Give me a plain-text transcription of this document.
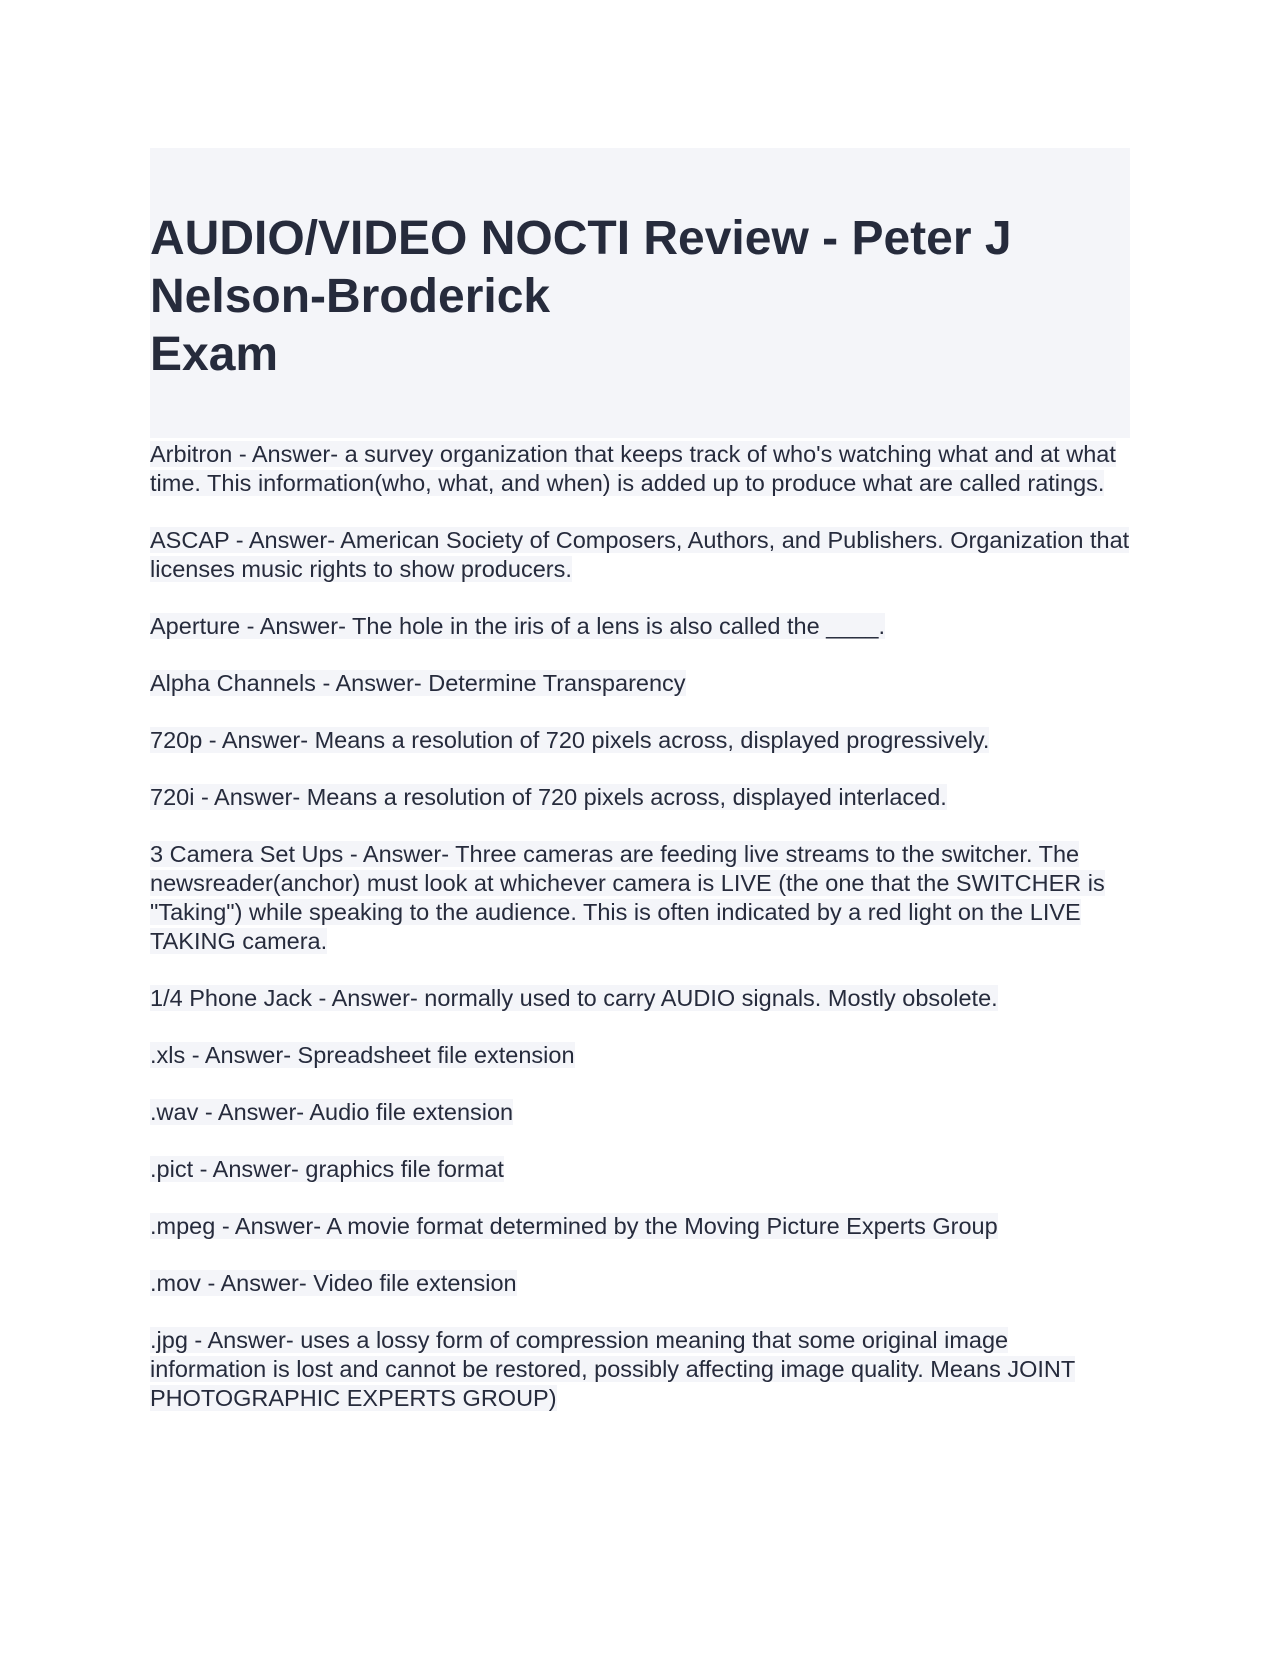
AUDIO/VIDEO NOCTI Review - Peter J
Nelson-Broderick
Exam

Arbitron - Answer- a survey organization that keeps track of who's watching what and at what time. This information(who, what, and when) is added up to produce what are called ratings.

ASCAP - Answer- American Society of Composers, Authors, and Publishers. Organization that licenses music rights to show producers.

Aperture - Answer- The hole in the iris of a lens is also called the ____.

Alpha Channels - Answer- Determine Transparency

720p - Answer- Means a resolution of 720 pixels across, displayed progressively.

720i - Answer- Means a resolution of 720 pixels across, displayed interlaced.

3 Camera Set Ups - Answer- Three cameras are feeding live streams to the switcher. The newsreader(anchor) must look at whichever camera is LIVE (the one that the SWITCHER is "Taking") while speaking to the audience. This is often indicated by a red light on the LIVE TAKING camera.

1/4 Phone Jack - Answer- normally used to carry AUDIO signals. Mostly obsolete.

.xls - Answer- Spreadsheet file extension

.wav - Answer- Audio file extension

.pict - Answer- graphics file format

.mpeg - Answer- A movie format determined by the Moving Picture Experts Group

.mov - Answer- Video file extension

.jpg - Answer- uses a lossy form of compression meaning that some original image information is lost and cannot be restored, possibly affecting image quality. Means JOINT PHOTOGRAPHIC EXPERTS GROUP)
